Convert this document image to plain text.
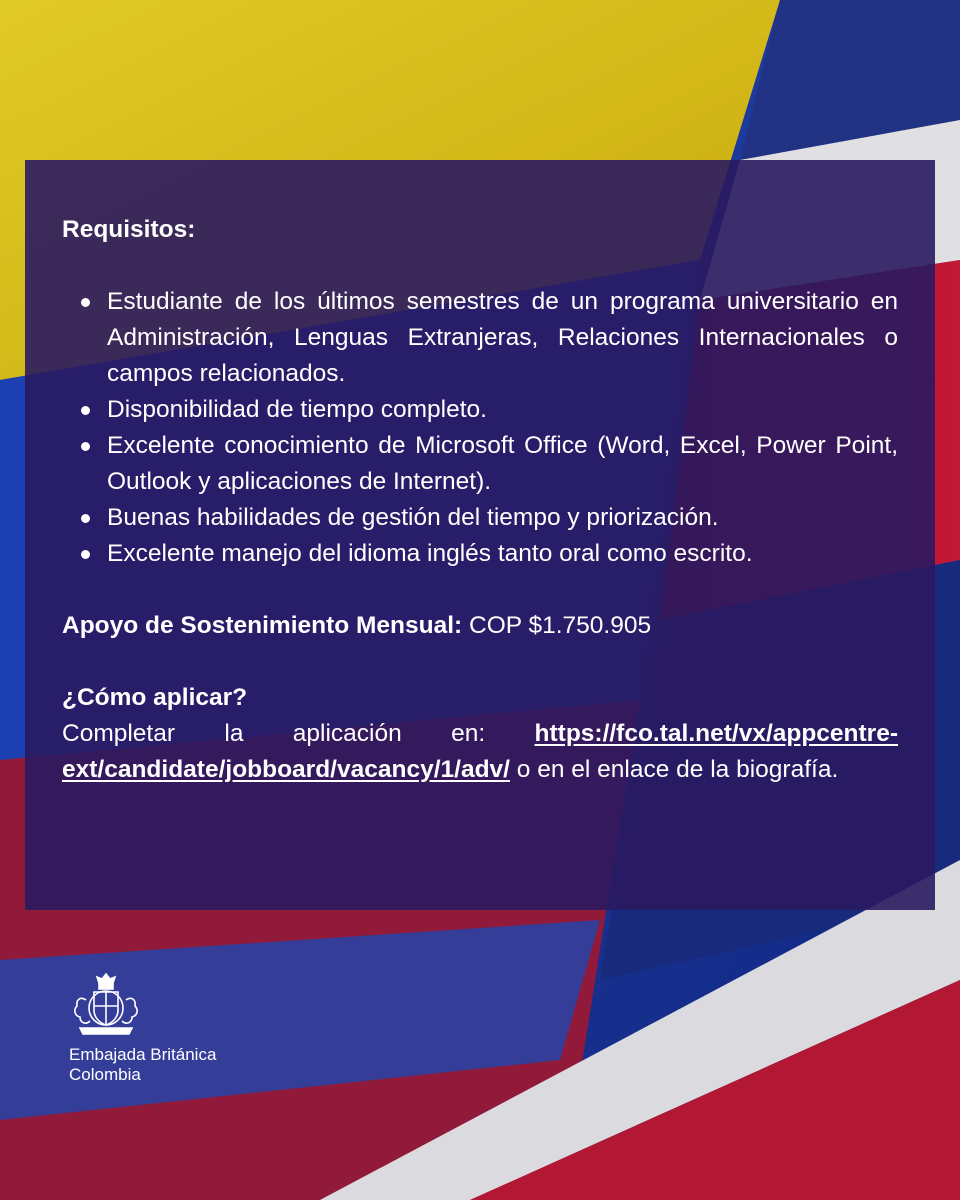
Requisitos:

Estudiante de los últimos semestres de un programa universitario en Administración, Lenguas Extranjeras, Relaciones Internacionales o campos relacionados.
Disponibilidad de tiempo completo.
Excelente conocimiento de Microsoft Office (Word, Excel, Power Point, Outlook y aplicaciones de Internet).
Buenas habilidades de gestión del tiempo y priorización.
Excelente manejo del idioma inglés tanto oral como escrito.

Apoyo de Sostenimiento Mensual: COP $1.750.905

¿Cómo aplicar?

Completar la aplicación en: https://fco.tal.net/vx/appcentre-ext/candidate/jobboard/vacancy/1/adv/ o en el enlace de la biografía.

Embajada Británica
Colombia
